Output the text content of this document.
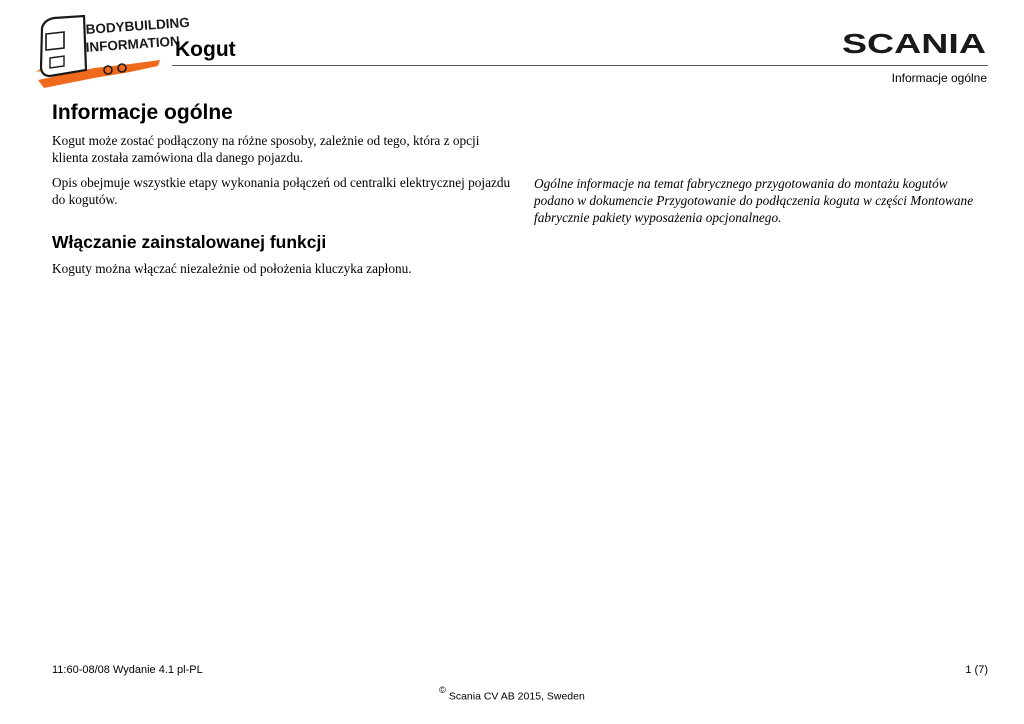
BODYBUILDING
INFORMATION
Kogut	SCANIA
Informacje ogólne
Informacje ogólne

Kogut może zostać podłączony na różne sposoby, zależnie od tego, która z opcji klienta została zamówiona dla danego pojazdu.

Opis obejmuje wszystkie etapy wykonania połączeń od centralki elektrycznej pojazdu do kogutów.

Ogólne informacje na temat fabrycznego przygotowania do montażu kogutów podano w dokumencie Przygotowanie do podłączenia koguta w części Montowane fabrycznie pakiety wyposażenia opcjonalnego.

Włączanie zainstalowanej funkcji

Koguty można włączać niezależnie od położenia kluczyka zapłonu.

11:60-08/08 Wydanie 4.1 pl-PL	1 (7)
©Scania CV AB 2015, Sweden
